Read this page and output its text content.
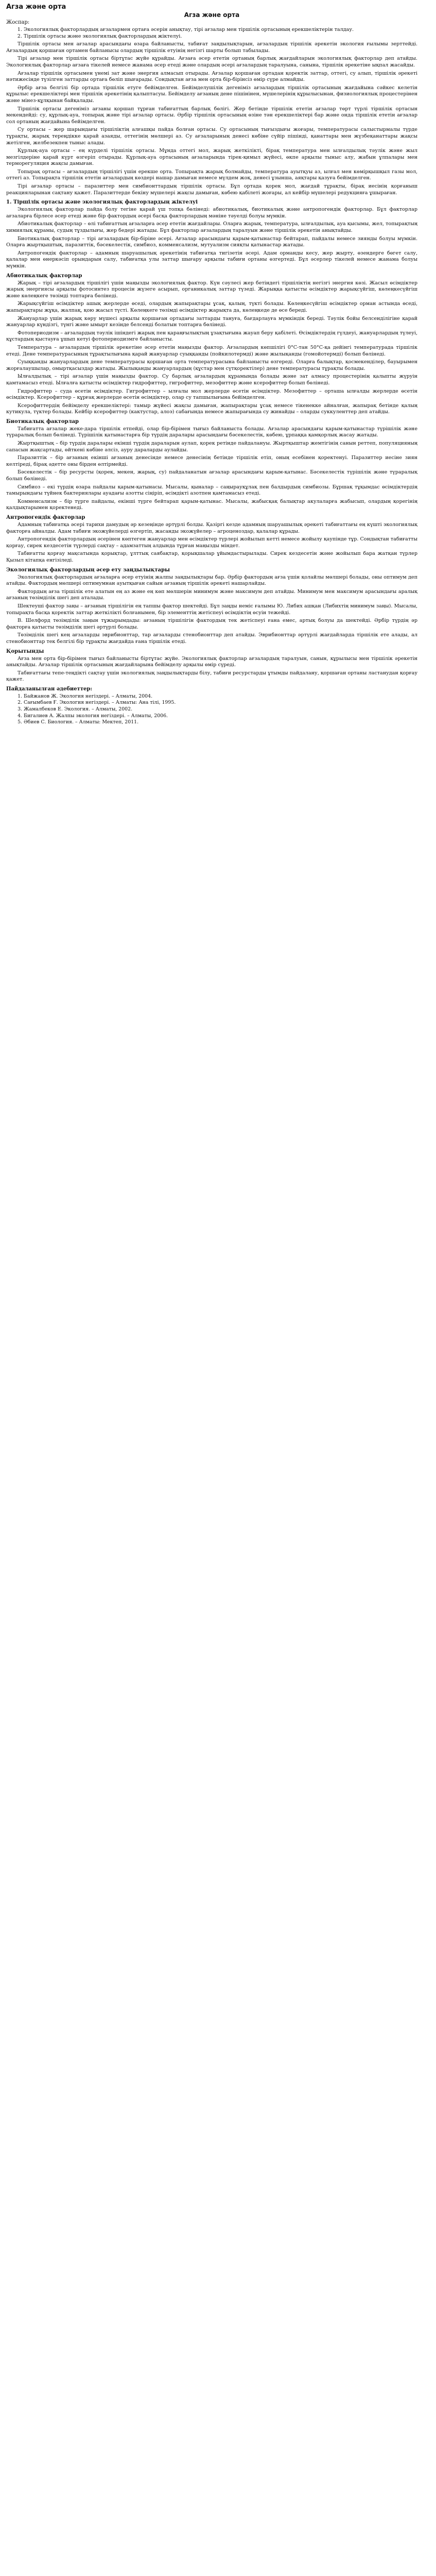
Агза және орта
Агза және орта
Жоспар:
1. Экологиялық факторлардың ағзалармен ортаға әсерін анықтау, тірі ағзалар мен тіршілік ортасының ерекшеліктерін талдау.
2. Тіршілік ортасы және экологиялық факторлардың жіктелуі.

Тіршілік ортасы мен ағзалар арасындағы өзара байланысты, табиғат заңдылықтарын, ағзалардың тіршілік әрекетін экология ғылымы зерттейді. Ағзалардың қоршаған ортамен байланысы олардың тіршілік етуінің негізгі шарты болып табылады.

Тірі ағзалар мен тіршілік ортасы біртұтас жүйе құрайды. Ағзаға әсер ететін ортаның барлық жағдайларын экологиялық факторлар деп атайды. Экологиялық факторлар ағзаға тікелей немесе жанама әсер етеді және олардың әсері ағзалардың таралуына, санына, тіршілік әрекетіне ықпал жасайды.

Ағзалар тіршілік ортасымен үнемі зат және энергия алмасып отырады. Ағзалар қоршаған ортадан қоректік заттар, оттегі, су алып, тіршілік әрекеті нәтижесінде түзілген заттарды ортаға бөліп шығарады. Сондықтан ағза мен орта бір-бірінсіз өмір сүре алмайды.

Әрбір ағза белгілі бір ортада тіршілік етуге бейімделген. Бейімделушілік дегеніміз ағзалардың тіршілік ортасының жағдайына сәйкес келетін құрылыс ерекшеліктері мен тіршілік әрекетінің қалыптасуы. Бейімделу ағзаның дене пішінінен, мүшелерінің құрылысынан, физиологиялық процестерінен және мінез-құлқынан байқалады.

Тіршілік ортасы дегеніміз ағзаны қоршап тұрған табиғаттың барлық бөлігі. Жер бетінде тіршілік ететін ағзалар төрт түрлі тіршілік ортасын мекендейді: су, құрлық-ауа, топырақ және тірі ағзалар ортасы. Әрбір тіршілік ортасының өзіне тән ерекшеліктері бар және онда тіршілік ететін ағзалар сол ортаның жағдайына бейімделген.

Су ортасы – жер шарындағы тіршіліктің алғашқы пайда болған ортасы. Су ортасының тығыздығы жоғары, температурасы салыстырмалы түрде тұрақты, жарық тереңдікке қарай азаяды, оттегінің мөлшері аз. Су ағзаларының денесі көбіне сүйір пішінді, қанаттары мен жүзбеқанаттары жақсы жетілген, желбезекпен тыныс алады.

Құрлық-ауа ортасы – ең күрделі тіршілік ортасы. Мұнда оттегі мол, жарық жеткілікті, бірақ температура мен ылғалдылық тәулік және жыл мезгілдеріне қарай күрт өзгеріп отырады. Құрлық-ауа ортасының ағзаларында тірек-қимыл жүйесі, өкпе арқылы тыныс алу, жабын ұлпалары мен терморегуляция жақсы дамыған.

Топырақ ортасы – ағзалардың тіршілігі үшін ерекше орта. Топырақта жарық болмайды, температура ауытқуы аз, ылғал мен көмірқышқыл газы мол, оттегі аз. Топырақта тіршілік ететін ағзалардың көздері нашар дамыған немесе мүлдем жоқ, денесі ұзынша, аяқтары қазуға бейімделген.

Тірі ағзалар ортасы – паразиттер мен симбионттардың тіршілік ортасы. Бұл ортада қорек мол, жағдай тұрақты, бірақ иесінің қорғаныш реакцияларынан сақтану қажет. Паразиттерде бекіну мүшелері жақсы дамыған, көбею қабілеті жоғары, ал кейбір мүшелері редукцияға ұшыраған.

1. Тіршілік ортасы және экологиялық факторлардың жіктелуі

Экологиялық факторлар пайда болу тегіне қарай үш топқа бөлінеді: абиотикалық, биотикалық және антропогендік факторлар. Бұл факторлар ағзаларға бірлесе әсер етеді және бір фактордың әсері басқа факторлардың мәніне тәуелді болуы мүмкін.

Абиотикалық факторлар – өлі табиғаттың ағзаларға әсер ететін жағдайлары. Оларға жарық, температура, ылғалдылық, ауа қысымы, жел, топырақтың химиялық құрамы, судың тұздылығы, жер бедері жатады. Бұл факторлар ағзалардың таралуын және тіршілік әрекетін анықтайды.

Биотикалық факторлар – тірі ағзалардың бір-біріне әсері. Ағзалар арасындағы қарым-қатынастар бейтарап, пайдалы немесе зиянды болуы мүмкін. Оларға жыртқыштық, паразиттік, бәсекелестік, симбиоз, комменсализм, мутуализм сияқты қатынастар жатады.

Антропогендік факторлар – адамның шаруашылық әрекетінің табиғатқа тигізетін әсері. Адам орманды кесу, жер жырту, өзендерге бөгет салу, қалалар мен өнеркәсіп орындарын салу, табиғатқа улы заттар шығару арқылы табиғи ортаны өзгертеді. Бұл әсерлер тікелей немесе жанама болуы мүмкін.

Абиотикалық факторлар

Жарық – тірі ағзалардың тіршілігі үшін маңызды экологиялық фактор. Күн сәулесі жер бетіндегі тіршіліктің негізгі энергия көзі. Жасыл өсімдіктер жарық энергиясы арқылы фотосинтез процесін жүзеге асырып, органикалық заттар түзеді. Жарыққа қатысты өсімдіктер жарықсүйгіш, көлеңкесүйгіш және көлеңкеге төзімді топтарға бөлінеді.

Жарықсүйгіш өсімдіктер ашық жерлерде өседі, олардың жапырақтары ұсақ, қалың, түкті болады. Көлеңкесүйгіш өсімдіктер орман астында өседі, жапырақтары жұқа, жалпақ, қою жасыл түсті. Көлеңкеге төзімді өсімдіктер жарықта да, көлеңкеде де өсе береді.

Жануарлар үшін жарық көру мүшесі арқылы қоршаған ортадағы заттарды тануға, бағдарлауға мүмкіндік береді. Тәулік бойы белсенділігіне қарай жануарлар күндізгі, түнгі және ымырт кезінде белсенді болатын топтарға бөлінеді.

Фотопериодизм – ағзалардың тәулік ішіндегі жарық пен қараңғылықтың ұзақтығына жауап беру қабілеті. Өсімдіктердің гүлдеуі, жануарлардың түлеуі, құстардың қыстауға ұшып кетуі фотопериодизмге байланысты.

Температура – ағзалардың тіршілік әрекетіне әсер ететін маңызды фактор. Ағзалардың көпшілігі 0°С-тан 50°С-қа дейінгі температурада тіршілік етеді. Дене температурасының тұрақтылығына қарай жануарлар суыққанды (пойкилотермді) және жылықанды (гомойотермді) болып бөлінеді.

Суыққанды жануарлардың дене температурасы қоршаған орта температурасына байланысты өзгереді. Оларға балықтар, қосмекенділер, бауырымен жорғалаушылар, омыртқасыздар жатады. Жылықанды жануарлардың (құстар мен сүтқоректілер) дене температурасы тұрақты болады.

Ылғалдылық – тірі ағзалар үшін маңызды фактор. Су барлық ағзалардың құрамында болады және зат алмасу процестерінің қалыпты жүруін қамтамасыз етеді. Ылғалға қатысты өсімдіктер гидрофиттер, гигрофиттер, мезофиттер және ксерофиттер болып бөлінеді.

Гидрофиттер – суда өсетін өсімдіктер. Гигрофиттер – ылғалы мол жерлерде өсетін өсімдіктер. Мезофиттер – орташа ылғалды жерлерде өсетін өсімдіктер. Ксерофиттер – құрғақ жерлерде өсетін өсімдіктер, олар су тапшылығына бейімделген.

Ксерофиттердің бейімделу ерекшеліктері: тамыр жүйесі жақсы дамыған, жапырақтары ұсақ немесе тікенекке айналған, жапырақ бетінде қалың кутикула, түктер болады. Кейбір ксерофиттер (кактустар, алоэ) сабағында немесе жапырағында су жинайды – оларды суккуленттер деп атайды.

Биотикалық факторлар

Табиғатта ағзалар жеке-дара тіршілік етпейді, олар бір-бірімен тығыз байланыста болады. Ағзалар арасындағы қарым-қатынастар түрішілік және түраралық болып бөлінеді. Түрішілік қатынастарға бір түрдің даралары арасындағы бәсекелестік, көбею, ұрпаққа қамқорлық жасау жатады.

Жыртқыштық – бір түрдің даралары екінші түрдің дараларын аулап, қорек ретінде пайдалануы. Жыртқыштар жемтігінің санын реттеп, популяцияның сапасын жақсартады, өйткені көбіне әлсіз, ауру дараларды аулайды.

Паразиттік – бір ағзаның екінші ағзаның денесінде немесе денесінің бетінде тіршілік етіп, оның есебінен қоректенуі. Паразиттер иесіне зиян келтіреді, бірақ әдетте оны бірден өлтірмейді.

Бәсекелестік – бір ресурсты (қорек, мекен, жарық, су) пайдаланатын ағзалар арасындағы қарым-қатынас. Бәсекелестік түрішілік және түраралық болып бөлінеді.

Симбиоз – екі түрдің өзара пайдалы қарым-қатынасы. Мысалы, қыналар – саңырауқұлақ пен балдырдың симбиозы. Бұршақ тұқымдас өсімдіктердің тамырындағы түйнек бактериялары ауадағы азотты сіңіріп, өсімдікті азотпен қамтамасыз етеді.

Комменсализм – бір түрге пайдалы, екінші түрге бейтарап қарым-қатынас. Мысалы, жабысқақ балықтар акулаларға жабысып, олардың қорегінің қалдықтарымен қоректенеді.

Антропогендік факторлар

Адамның табиғатқа әсері тарихи дамудың әр кезеңінде әртүрлі болды. Қазіргі кезде адамның шаруашылық әрекеті табиғаттағы ең күшті экологиялық факторға айналды. Адам табиғи экожүйелерді өзгертіп, жасанды экожүйелер – агроценоздар, қалалар құрады.

Антропогендік факторлардың әсерінен көптеген жануарлар мен өсімдіктер түрлері жойылып кетті немесе жойылу қаупінде тұр. Сондықтан табиғатты қорғау, сирек кездесетін түрлерді сақтау – адамзаттың алдында тұрған маңызды міндет.

Табиғатты қорғау мақсатында қорықтар, ұлттық саябақтар, қорықшалар ұйымдастырылады. Сирек кездесетін және жойылып бара жатқан түрлер Қызыл кітапқа енгізіледі.

Экологиялық факторлардың әсер ету заңдылықтары

Экологиялық факторлардың ағзаларға әсер етуінің жалпы заңдылықтары бар. Әрбір фактордың ағза үшін қолайлы мөлшері болады, оны оптимум деп атайды. Фактордың мөлшері оптимумнан ауытқыған сайын ағзаның тіршілік әрекеті нашарлайды.

Фактордың ағза тіршілік ете алатын ең аз және ең көп мөлшерін минимум және максимум деп атайды. Минимум мен максимум арасындағы аралық ағзаның төзімділік шегі деп аталады.

Шектеуші фактор заңы – ағзаның тіршілігін ең тапшы фактор шектейді. Бұл заңды неміс ғалымы Ю. Либих ашқан (Либихтің минимум заңы). Мысалы, топырақта басқа қоректік заттар жеткілікті болғанымен, бір элементтің жетіспеуі өсімдіктің өсуін тежейді.

В. Шелфорд төзімділік заңын тұжырымдады: ағзаның тіршілігін фактордың тек жетіспеуі ғана емес, артық болуы да шектейді. Әрбір түрдің әр факторға қатысты төзімділік шегі әртүрлі болады.

Төзімділік шегі кең ағзаларды эврибионттар, тар ағзаларды стенобионттар деп атайды. Эврибионттар әртүрлі жағдайларда тіршілік ете алады, ал стенобионттар тек белгілі бір тұрақты жағдайда ғана тіршілік етеді.

Қорытынды

Ағза мен орта бір-бірімен тығыз байланысты біртұтас жүйе. Экологиялық факторлар ағзалардың таралуын, санын, құрылысы мен тіршілік әрекетін анықтайды. Ағзалар тіршілік ортасының жағдайларына бейімделу арқылы өмір сүреді.

Табиғаттағы тепе-теңдікті сақтау үшін экологиялық заңдылықтарды білу, табиғи ресурстарды ұтымды пайдалану, қоршаған ортаны ластанудан қорғау қажет.

Пайдаланылған әдебиеттер:
1. Байжанов Ж. Экология негіздері. – Алматы, 2004.
2. Сағымбаев Ғ. Экология негіздері. – Алматы: Ана тілі, 1995.
3. Жамалбеков Е. Экология. – Алматы, 2002.
4. Бигалиев А. Жалпы экология негіздері. – Алматы, 2006.
5. Әбиев С. Биология. – Алматы: Мектеп, 2011.
